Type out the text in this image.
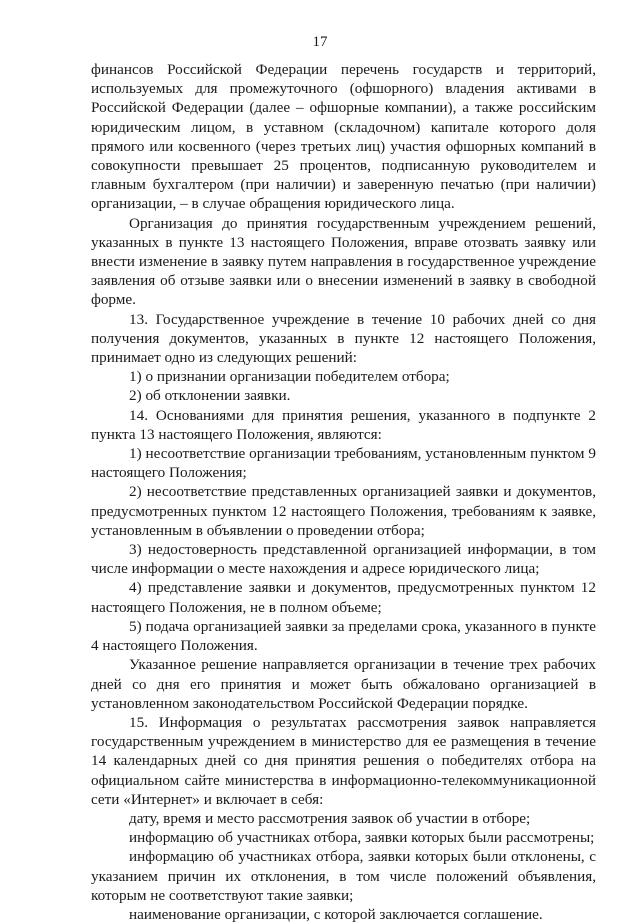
17

финансов Российской Федерации перечень государств и территорий, используемых для промежуточного (офшорного) владения активами в Российской Федерации (далее – офшорные компании), а также российским юридическим лицом, в уставном (складочном) капитале которого доля прямого или косвенного (через третьих лиц) участия офшорных компаний в совокупности превышает 25 процентов, подписанную руководителем и главным бухгалтером (при наличии) и заверенную печатью (при наличии) организации, – в случае обращения юридического лица.

Организация до принятия государственным учреждением решений, указанных в пункте 13 настоящего Положения, вправе отозвать заявку или внести изменение в заявку путем направления в государственное учреждение заявления об отзыве заявки или о внесении изменений в заявку в свободной форме.

13. Государственное учреждение в течение 10 рабочих дней со дня получения документов, указанных в пункте 12 настоящего Положения, принимает одно из следующих решений:

1) о признании организации победителем отбора;

2) об отклонении заявки.

14. Основаниями для принятия решения, указанного в подпункте 2 пункта 13 настоящего Положения, являются:

1) несоответствие организации требованиям, установленным пунктом 9 настоящего Положения;

2) несоответствие представленных организацией заявки и документов, предусмотренных пунктом 12 настоящего Положения, требованиям к заявке, установленным в объявлении о проведении отбора;

3) недостоверность представленной организацией информации, в том числе информации о месте нахождения и адресе юридического лица;

4) представление заявки и документов, предусмотренных пунктом 12 настоящего Положения, не в полном объеме;

5) подача организацией заявки за пределами срока, указанного в пункте 4 настоящего Положения.

Указанное решение направляется организации в течение трех рабочих дней со дня его принятия и может быть обжаловано организацией в установленном законодательством Российской Федерации порядке.

15. Информация о результатах рассмотрения заявок направляется государственным учреждением в министерство для ее размещения в течение 14 календарных дней со дня принятия решения о победителях отбора на официальном сайте министерства в информационно-телекоммуникационной сети «Интернет» и включает в себя:

дату, время и место рассмотрения заявок об участии в отборе;

информацию об участниках отбора, заявки которых были рассмотрены;

информацию об участниках отбора, заявки которых были отклонены, с указанием причин их отклонения, в том числе положений объявления, которым не соответствуют такие заявки;

наименование организации, с которой заключается соглашение.
